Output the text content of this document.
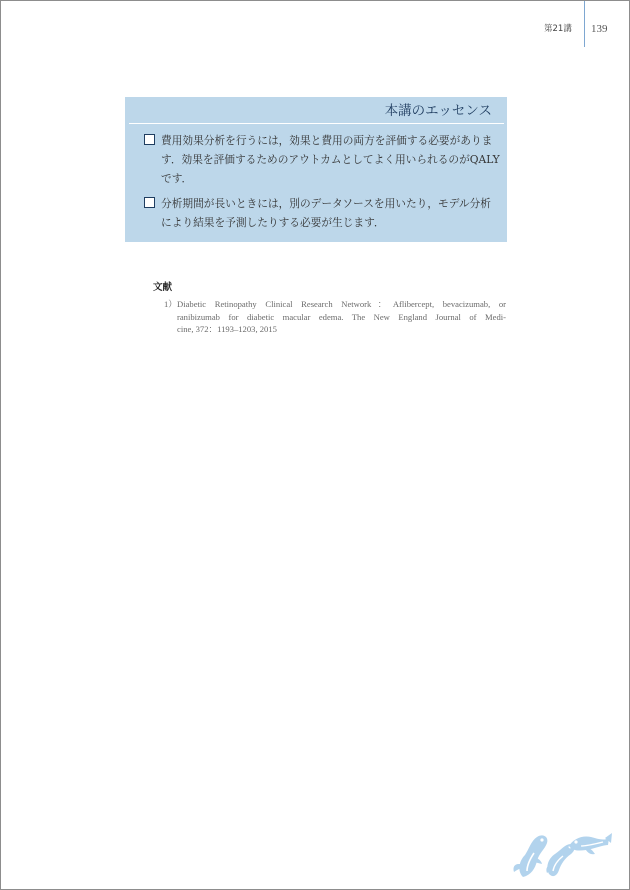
第21講 139
本講のエッセンス
費用効果分析を行うには，効果と費用の両方を評価する必要がありま
す．効果を評価するためのアウトカムとしてよく用いられるのがQALY
です．
分析期間が長いときには，別のデータソースを用いたり，モデル分析
により結果を予測したりする必要が生じます．
文献
1） Diabetic Retinopathy Clinical Research Network：Aflibercept, bevacizumab, or
ranibizumab for diabetic macular edema. The New England Journal of Medi-
cine, 372：1193–1203, 2015
